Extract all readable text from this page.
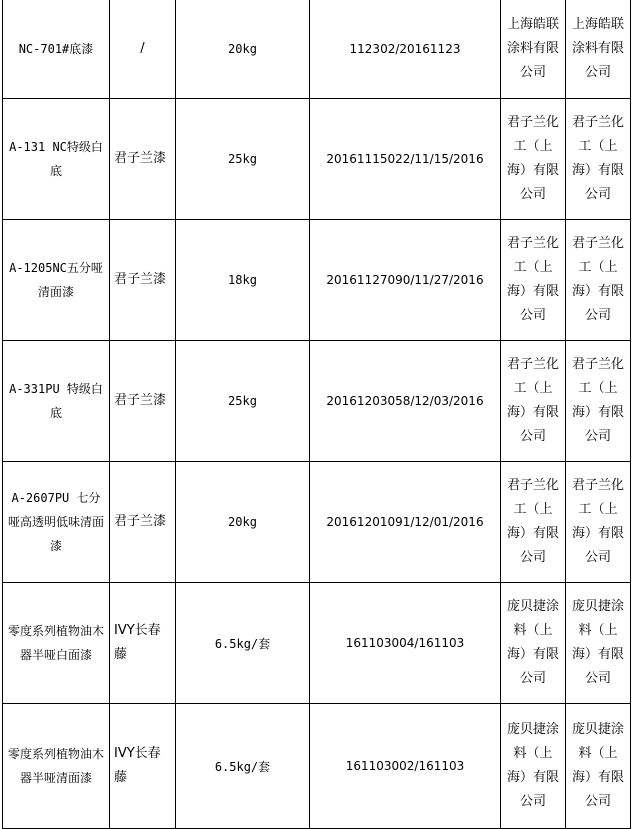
NC-701#底漆	/	20kg	112302/20161123	上海皓联涂料有限公司	上海皓联涂料有限公司
A-131 NC特级白底	君子兰漆	25kg	20161115022/11/15/2016	君子兰化工（上海）有限公司	君子兰化工（上海）有限公司
A-1205NC五分哑清面漆	君子兰漆	18kg	20161127090/11/27/2016	君子兰化工（上海）有限公司	君子兰化工（上海）有限公司
A-331PU 特级白底	君子兰漆	25kg	20161203058/12/03/2016	君子兰化工（上海）有限公司	君子兰化工（上海）有限公司
A-2607PU 七分哑高透明低味清面漆	君子兰漆	20kg	20161201091/12/01/2016	君子兰化工（上海）有限公司	君子兰化工（上海）有限公司
零度系列植物油木器半哑白面漆	IVY长春藤	6.5kg/套	161103004/161103	庞贝捷涂料（上海）有限公司	庞贝捷涂料（上海）有限公司
零度系列植物油木器半哑清面漆	IVY长春藤	6.5kg/套	161103002/161103	庞贝捷涂料（上海）有限公司	庞贝捷涂料（上海）有限公司
